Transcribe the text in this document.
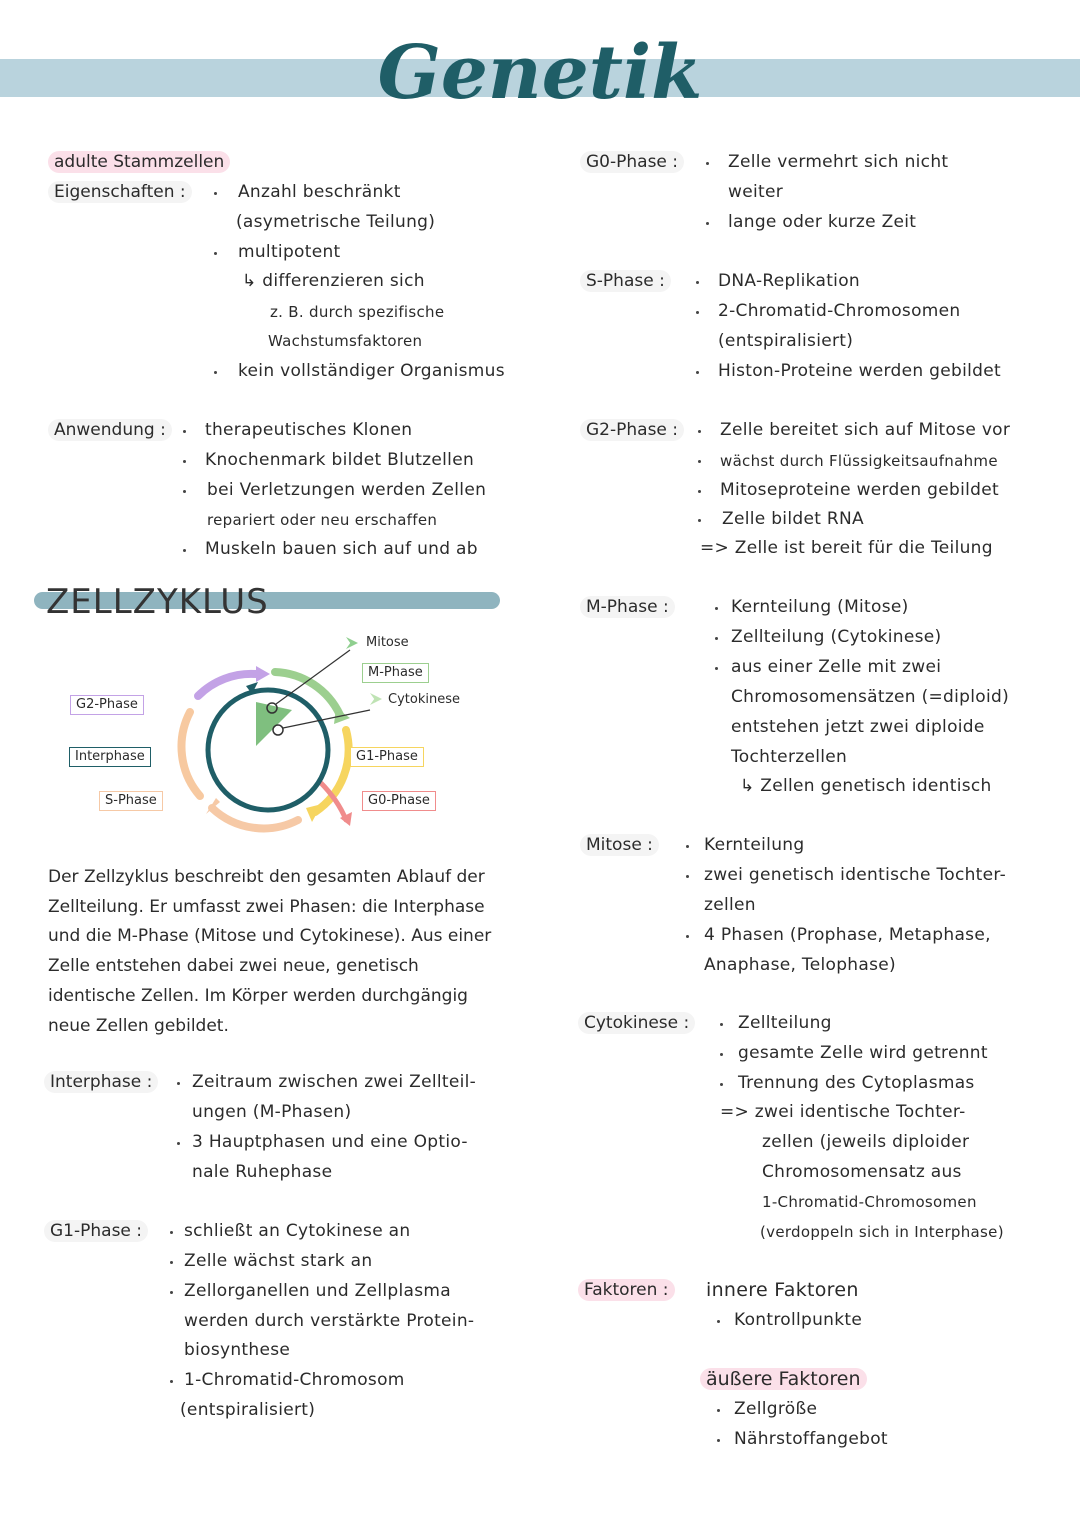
Genetik
adulte Stammzellen
Eigenschaften :	Anzahl beschränkt
(asymetrische Teilung)
multipotent
↳ differenzieren sich
z. B. durch spezifische
Wachstumsfaktoren
kein vollständiger Organismus
Anwendung :	therapeutisches Klonen
Knochenmark bildet Blutzellen
bei Verletzungen werden Zellen
repariert oder neu erschaffen
Muskeln bauen sich auf und ab
ZELLZYKLUS
Mitose
M-Phase
Cytokinese
G2-Phase
Interphase
S-Phase
G1-Phase
G0-Phase
Der Zellzyklus beschreibt den gesamten Ablauf der Zellteilung. Er umfasst zwei Phasen: die Interphase und die M-Phase (Mitose und Cytokinese). Aus einer Zelle entstehen dabei zwei neue, genetisch identische Zellen. Im Körper werden durchgängig neue Zellen gebildet.
Interphase :	Zeitraum zwischen zwei Zellteil-
ungen (M-Phasen)
3 Hauptphasen und eine Optio-
nale Ruhephase
G1-Phase :	schließt an Cytokinese an
Zelle wächst stark an
Zellorganellen und Zellplasma
werden durch verstärkte Protein-
biosynthese
1-Chromatid-Chromosom
(entspiralisiert)
G0-Phase :	Zelle vermehrt sich nicht
weiter
lange oder kurze Zeit
S-Phase :	DNA-Replikation
2-Chromatid-Chromosomen
(entspiralisiert)
Histon-Proteine werden gebildet
G2-Phase :	Zelle bereitet sich auf Mitose vor
wächst durch Flüssigkeitsaufnahme
Mitoseproteine werden gebildet
Zelle bildet RNA
=> Zelle ist bereit für die Teilung
M-Phase :	Kernteilung (Mitose)
Zellteilung (Cytokinese)
aus einer Zelle mit zwei
Chromosomensätzen (=diploid)
entstehen jetzt zwei diploide
Tochterzellen
↳ Zellen genetisch identisch
Mitose :	Kernteilung
zwei genetisch identische Tochter-
zellen
4 Phasen (Prophase, Metaphase,
Anaphase, Telophase)
Cytokinese :	Zellteilung
gesamte Zelle wird getrennt
Trennung des Cytoplasmas
=> zwei identische Tochter-
zellen (jeweils diploider
Chromosomensatz aus
1-Chromatid-Chromosomen
(verdoppeln sich in Interphase)
Faktoren :	innere Faktoren
Kontrollpunkte
äußere Faktoren
Zellgröße
Nährstoffangebot
